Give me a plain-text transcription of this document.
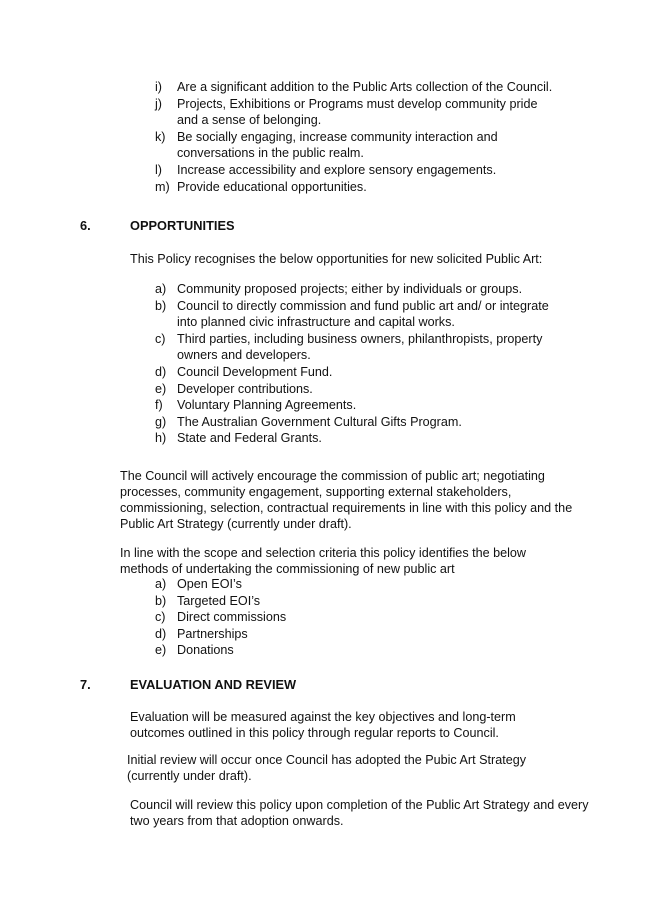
i)	Are a significant addition to the Public Arts collection of the Council.
j)	Projects, Exhibitions or Programs must develop community pride and a sense of belonging.
k) Be socially engaging, increase community interaction and conversations in the public realm.
l)	Increase accessibility and explore sensory engagements.
m) Provide educational opportunities.
6.	OPPORTUNITIES

This Policy recognises the below opportunities for new solicited Public Art:

a) Community proposed projects; either by individuals or groups.
b) Council to directly commission and fund public art and/ or integrate into planned civic infrastructure and capital works.
c) Third parties, including business owners, philanthropists, property owners and developers.
d) Council Development Fund.
e) Developer contributions.
f)	Voluntary Planning Agreements.
g) The Australian Government Cultural Gifts Program.
h) State and Federal Grants.

The Council will actively encourage the commission of public art; negotiating processes, community engagement, supporting external stakeholders, commissioning, selection, contractual requirements in line with this policy and the Public Art Strategy (currently under draft).

In line with the scope and selection criteria this policy identifies the below methods of undertaking the commissioning of new public art

a) Open EOI’s
b) Targeted EOI’s
c) Direct commissions
d) Partnerships
e) Donations
7.	EVALUATION AND REVIEW

Evaluation will be measured against the key objectives and long-term outcomes outlined in this policy through regular reports to Council.

Initial review will occur once Council has adopted the Pubic Art Strategy (currently under draft).

Council will review this policy upon completion of the Public Art Strategy and every two years from that adoption onwards.
